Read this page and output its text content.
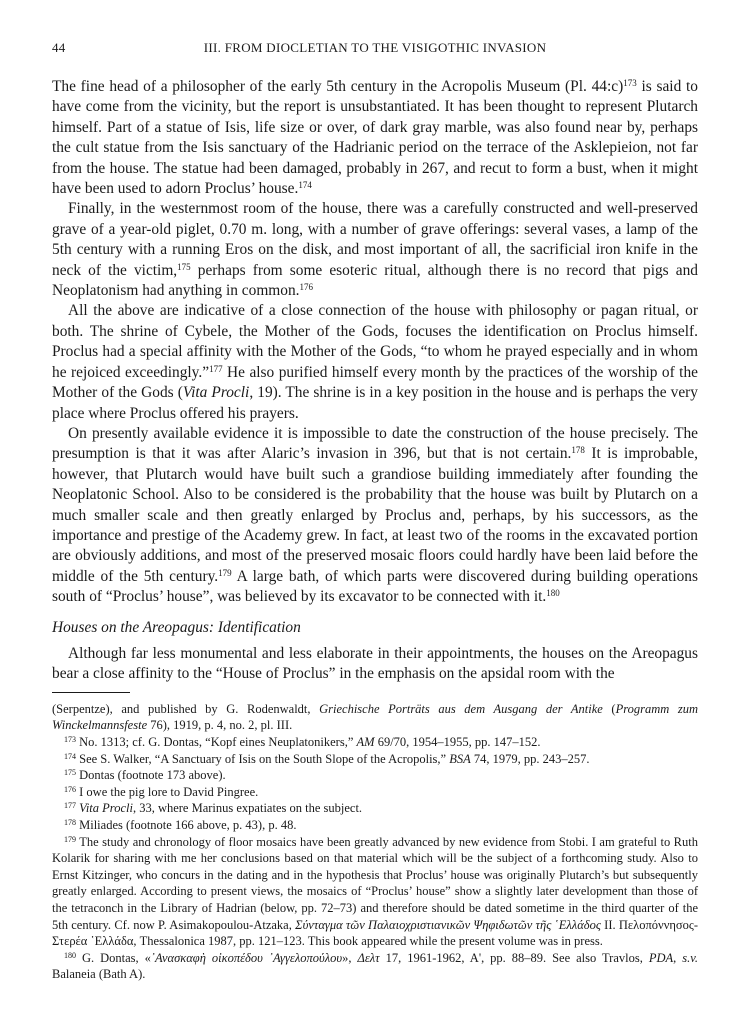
44	III. FROM DIOCLETIAN TO THE VISIGOTHIC INVASION

The fine head of a philosopher of the early 5th century in the Acropolis Museum (Pl. 44:c)$^{173}$ is said to have come from the vicinity, but the report is unsubstantiated. It has been thought to represent Plutarch himself. Part of a statue of Isis, life size or over, of dark gray marble, was also found near by, perhaps the cult statue from the Isis sanctuary of the Hadrianic period on the terrace of the Asklepieion, not far from the house. The statue had been damaged, probably in 267, and recut to form a bust, when it might have been used to adorn Proclus’ house.$^{174}$

Finally, in the westernmost room of the house, there was a carefully constructed and well-preserved grave of a year-old piglet, 0.70 m. long, with a number of grave offerings: several vases, a lamp of the 5th century with a running Eros on the disk, and most important of all, the sacrificial iron knife in the neck of the victim,$^{175}$ perhaps from some esoteric ritual, although there is no record that pigs and Neoplatonism had anything in common.$^{176}$

All the above are indicative of a close connection of the house with philosophy or pagan ritual, or both. The shrine of Cybele, the Mother of the Gods, focuses the identification on Proclus himself. Proclus had a special affinity with the Mother of the Gods, “to whom he prayed especially and in whom he rejoiced exceedingly.”$^{177}$ He also purified himself every month by the practices of the worship of the Mother of the Gods (Vita Procli, 19). The shrine is in a key position in the house and is perhaps the very place where Proclus offered his prayers.

On presently available evidence it is impossible to date the construction of the house precisely. The presumption is that it was after Alaric’s invasion in 396, but that is not certain.$^{178}$ It is improbable, however, that Plutarch would have built such a grandiose building immediately after founding the Neoplatonic School. Also to be considered is the probability that the house was built by Plutarch on a much smaller scale and then greatly enlarged by Proclus and, perhaps, by his successors, as the importance and prestige of the Academy grew. In fact, at least two of the rooms in the excavated portion are obviously additions, and most of the preserved mosaic floors could hardly have been laid before the middle of the 5th century.$^{179}$ A large bath, of which parts were discovered during building operations south of “Proclus’ house”, was believed by its excavator to be connected with it.$^{180}$

Houses on the Areopagus: Identification

Although far less monumental and less elaborate in their appointments, the houses on the Areopagus bear a close affinity to the “House of Proclus” in the emphasis on the apsidal room with the

(Serpentze), and published by G. Rodenwaldt, Griechische Porträts aus dem Ausgang der Antike (Programm zum Winckelmannsfeste 76), 1919, p. 4, no. 2, pl. III.

$^{173}$ No. 1313; cf. G. Dontas, “Kopf eines Neuplatonikers,” AM 69/70, 1954–1955, pp. 147–152.

$^{174}$ See S. Walker, “A Sanctuary of Isis on the South Slope of the Acropolis,” BSA 74, 1979, pp. 243–257.

$^{175}$ Dontas (footnote 173 above).

$^{176}$ I owe the pig lore to David Pingree.

$^{177}$ Vita Procli, 33, where Marinus expatiates on the subject.

$^{178}$ Miliades (footnote 166 above, p. 43), p. 48.

$^{179}$ The study and chronology of floor mosaics have been greatly advanced by new evidence from Stobi. I am grateful to Ruth Kolarik for sharing with me her conclusions based on that material which will be the subject of a forthcoming study. Also to Ernst Kitzinger, who concurs in the dating and in the hypothesis that Proclus’ house was originally Plutarch’s but subsequently greatly enlarged. According to present views, the mosaics of “Proclus’ house” show a slightly later development than those of the tetraconch in the Library of Hadrian (below, pp. 72–73) and therefore should be dated sometime in the third quarter of the 5th century. Cf. now P. Asimakopoulou-Atzaka, Σύνταγμα τῶν Παλαιοχριστιανικῶν Ψηφιδωτῶν τῆς ῾Ελλάδος II. Πελοπόννησος-Στερέα ῾Ελλάδα, Thessalonica 1987, pp. 121–123. This book appeared while the present volume was in press.

$^{180}$ G. Dontas, «᾿Ανασκαφὴ οἰκοπέδου ᾿Αγγελοπούλου», Δελτ 17, 1961-1962, Α', pp. 88–89. See also Travlos, PDA, s.v. Balaneia (Bath A).
